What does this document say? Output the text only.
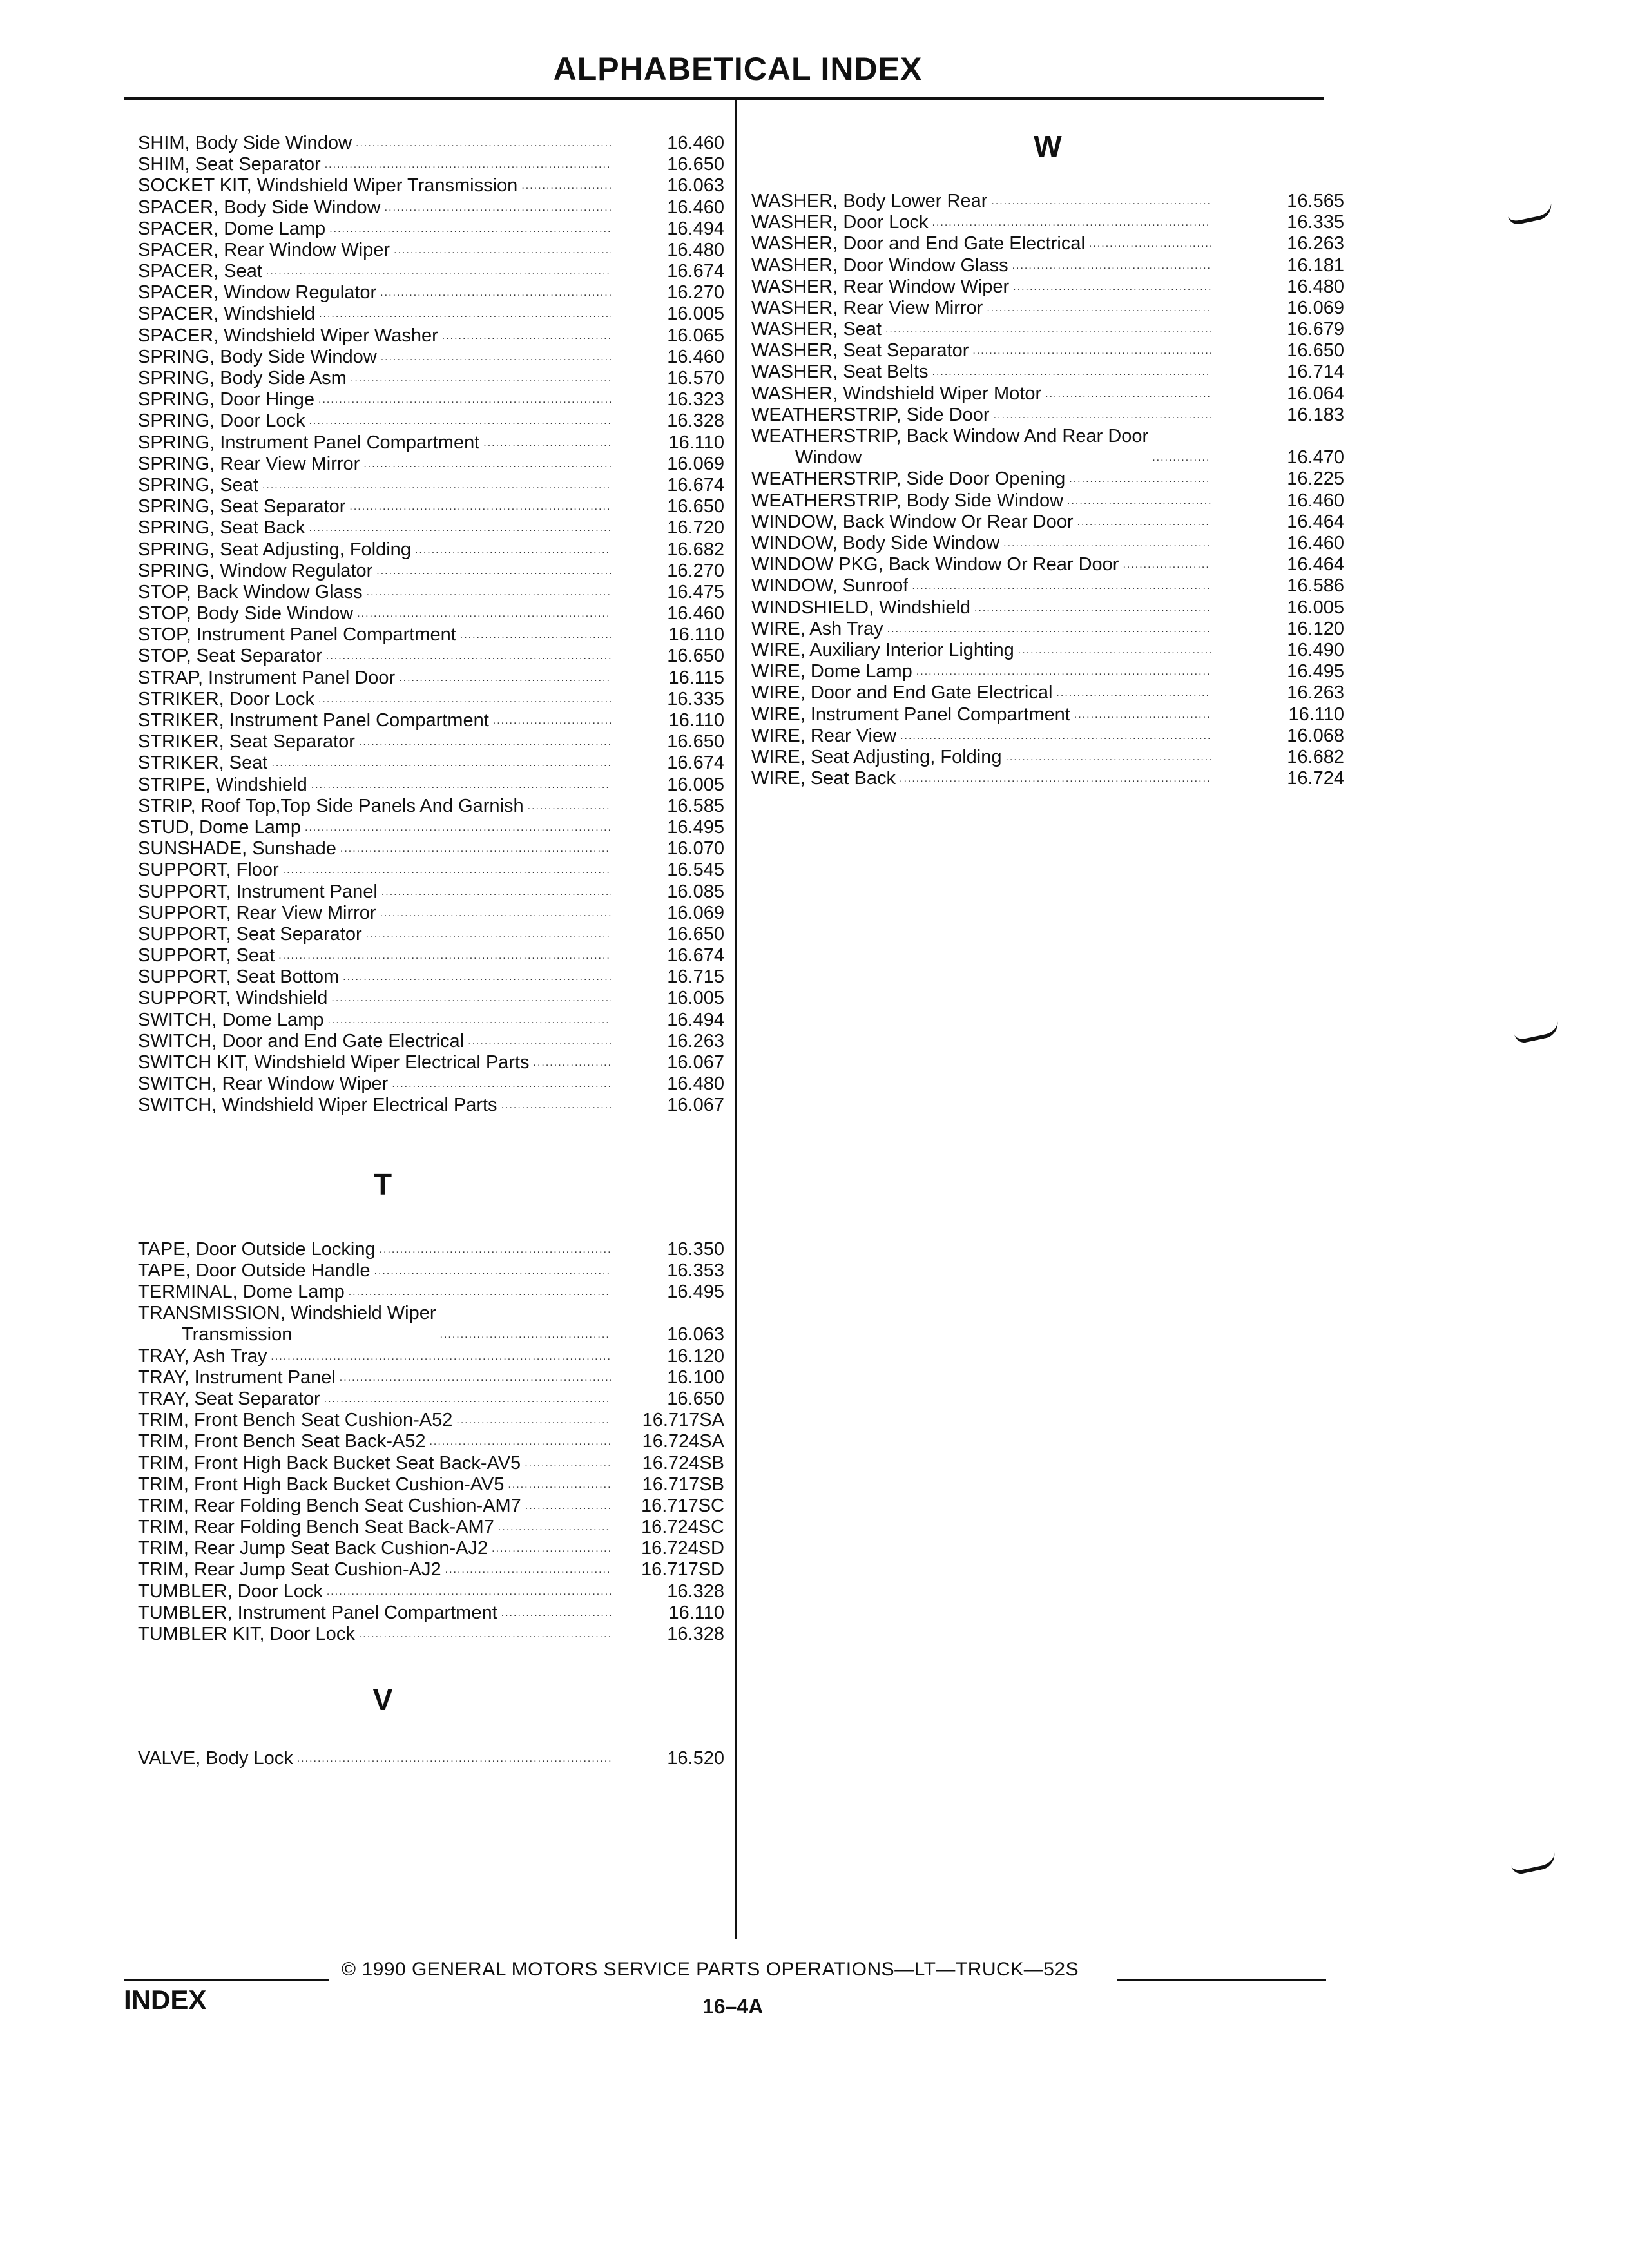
ALPHABETICAL INDEX
SHIM, Body Side Window .....	16.460
SHIM, Seat Separator .....	16.650
SOCKET KIT, Windshield Wiper Transmission .....	16.063
SPACER, Body Side Window .....	16.460
SPACER, Dome Lamp .....	16.494
SPACER, Rear Window Wiper .....	16.480
SPACER, Seat .....	16.674
SPACER, Window Regulator .....	16.270
SPACER, Windshield .....	16.005
SPACER, Windshield Wiper Washer .....	16.065
SPRING, Body Side Window .....	16.460
SPRING, Body Side Asm .....	16.570
SPRING, Door Hinge .....	16.323
SPRING, Door Lock .....	16.328
SPRING, Instrument Panel Compartment .....	16.110
SPRING, Rear View Mirror .....	16.069
SPRING, Seat .....	16.674
SPRING, Seat Separator .....	16.650
SPRING, Seat Back .....	16.720
SPRING, Seat Adjusting, Folding .....	16.682
SPRING, Window Regulator .....	16.270
STOP, Back Window Glass .....	16.475
STOP, Body Side Window .....	16.460
STOP, Instrument Panel Compartment .....	16.110
STOP, Seat Separator .....	16.650
STRAP, Instrument Panel Door .....	16.115
STRIKER, Door Lock .....	16.335
STRIKER, Instrument Panel Compartment .....	16.110
STRIKER, Seat Separator .....	16.650
STRIKER, Seat .....	16.674
STRIPE, Windshield .....	16.005
STRIP, Roof Top,Top Side Panels And Garnish .....	16.585
STUD, Dome Lamp .....	16.495
SUNSHADE, Sunshade .....	16.070
SUPPORT, Floor .....	16.545
SUPPORT, Instrument Panel .....	16.085
SUPPORT, Rear View Mirror .....	16.069
SUPPORT, Seat Separator .....	16.650
SUPPORT, Seat .....	16.674
SUPPORT, Seat Bottom .....	16.715
SUPPORT, Windshield .....	16.005
SWITCH, Dome Lamp .....	16.494
SWITCH, Door and End Gate Electrical .....	16.263
SWITCH KIT, Windshield Wiper Electrical Parts .....	16.067
SWITCH, Rear Window Wiper .....	16.480
SWITCH, Windshield Wiper Electrical Parts .....	16.067
T
TAPE, Door Outside Locking .....	16.350
TAPE, Door Outside Handle .....	16.353
TERMINAL, Dome Lamp .....	16.495
TRANSMISSION, Windshield Wiper
Transmission .....	16.063
TRAY, Ash Tray .....	16.120
TRAY, Instrument Panel .....	16.100
TRAY, Seat Separator .....	16.650
TRIM, Front Bench Seat Cushion-A52 .....	16.717SA
TRIM, Front Bench Seat Back-A52 .....	16.724SA
TRIM, Front High Back Bucket Seat Back-AV5 .....	16.724SB
TRIM, Front High Back Bucket Cushion-AV5 .....	16.717SB
TRIM, Rear Folding Bench Seat Cushion-AM7 .....	16.717SC
TRIM, Rear Folding Bench Seat Back-AM7 .....	16.724SC
TRIM, Rear Jump Seat Back Cushion-AJ2 .....	16.724SD
TRIM, Rear Jump Seat Cushion-AJ2 .....	16.717SD
TUMBLER, Door Lock .....	16.328
TUMBLER, Instrument Panel Compartment .....	16.110
TUMBLER KIT, Door Lock .....	16.328
V
VALVE, Body Lock .....	16.520
W
WASHER, Body Lower Rear .....	16.565
WASHER, Door Lock .....	16.335
WASHER, Door and End Gate Electrical .....	16.263
WASHER, Door Window Glass .....	16.181
WASHER, Rear Window Wiper .....	16.480
WASHER, Rear View Mirror .....	16.069
WASHER, Seat .....	16.679
WASHER, Seat Separator .....	16.650
WASHER, Seat Belts .....	16.714
WASHER, Windshield Wiper Motor .....	16.064
WEATHERSTRIP, Side Door .....	16.183
WEATHERSTRIP, Back Window And Rear Door
Window .....	16.470
WEATHERSTRIP, Side Door Opening .....	16.225
WEATHERSTRIP, Body Side Window .....	16.460
WINDOW, Back Window Or Rear Door .....	16.464
WINDOW, Body Side Window .....	16.460
WINDOW PKG, Back Window Or Rear Door .....	16.464
WINDOW, Sunroof .....	16.586
WINDSHIELD, Windshield .....	16.005
WIRE, Ash Tray .....	16.120
WIRE, Auxiliary Interior Lighting .....	16.490
WIRE, Dome Lamp .....	16.495
WIRE, Door and End Gate Electrical .....	16.263
WIRE, Instrument Panel Compartment .....	16.110
WIRE, Rear View .....	16.068
WIRE, Seat Adjusting, Folding .....	16.682
WIRE, Seat Back .....	16.724
© 1990 GENERAL MOTORS SERVICE PARTS OPERATIONS—LT—TRUCK—52S
INDEX	16–4A
